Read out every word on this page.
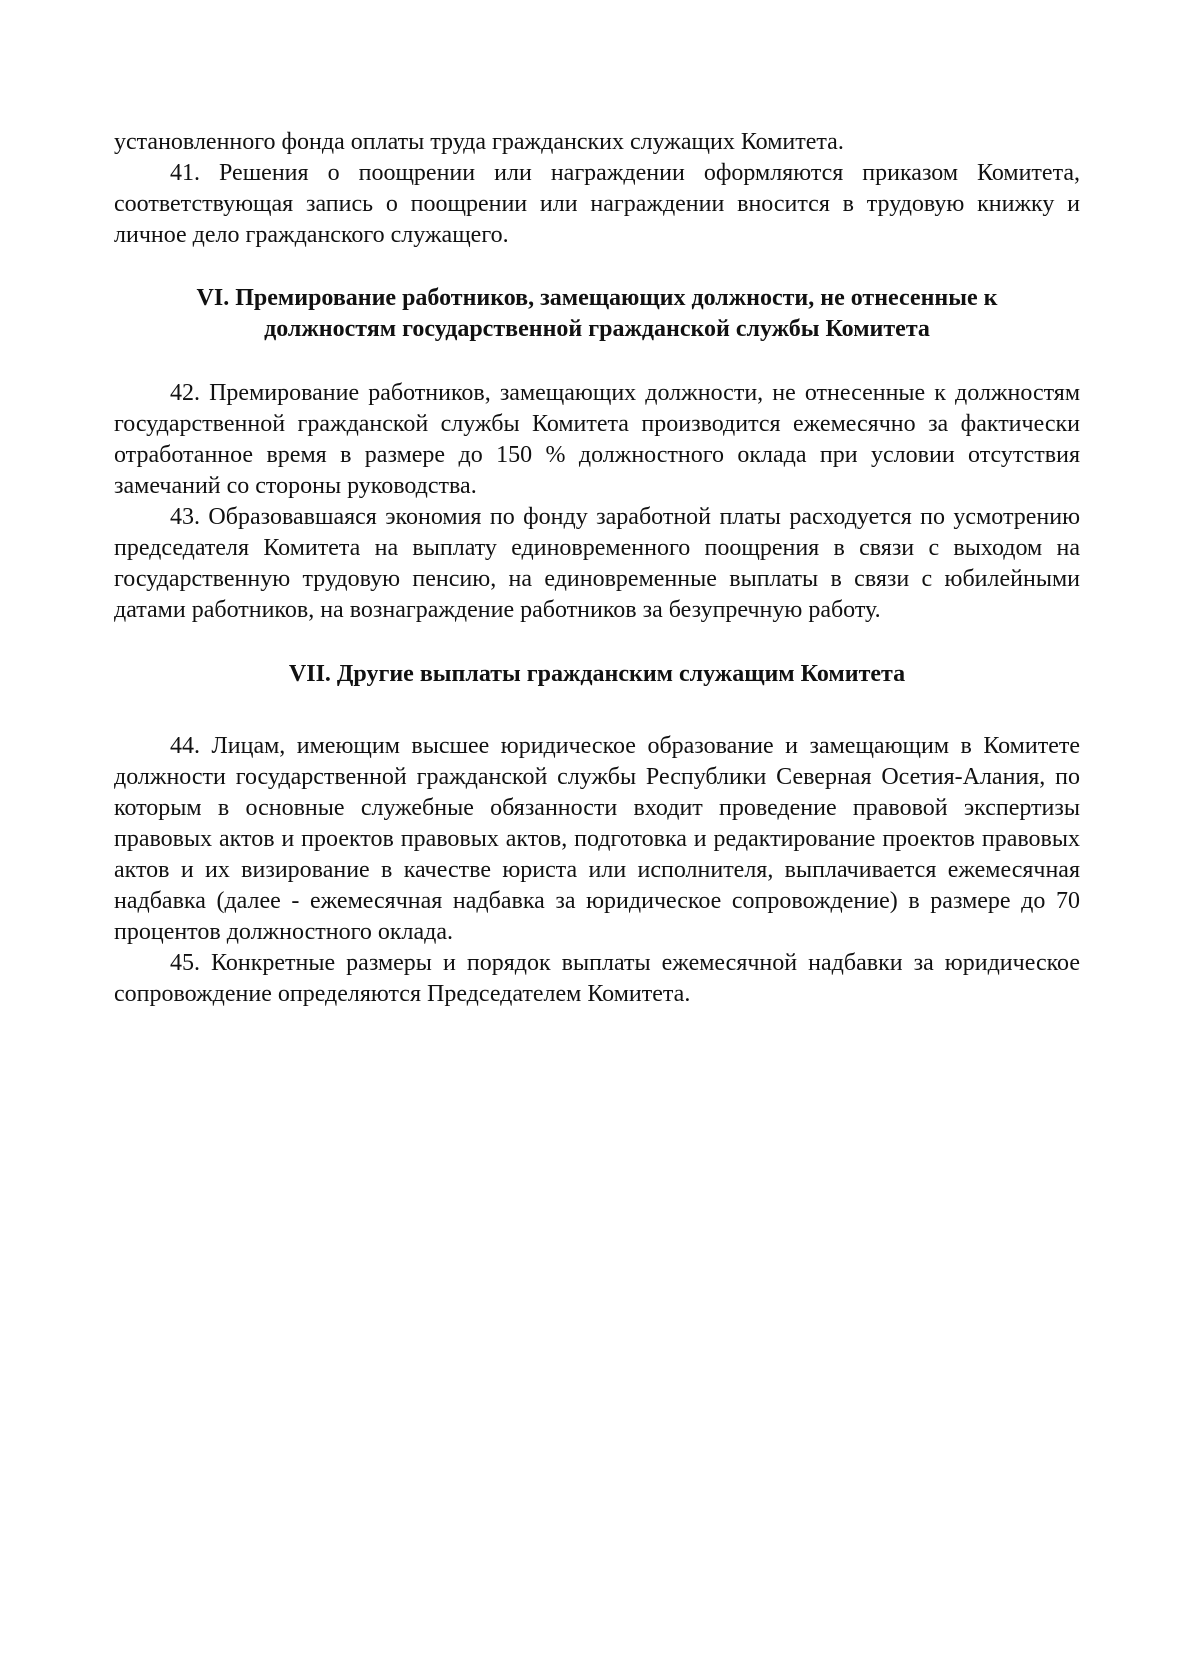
установленного фонда оплаты труда гражданских служащих Комитета.

41. Решения о поощрении или награждении оформляются приказом Комитета, соответствующая запись о поощрении или награждении вносится в трудовую книжку и личное дело гражданского служащего.

VI. Премирование работников, замещающих должности, не отнесенные к
должностям государственной гражданской службы Комитета

42. Премирование работников, замещающих должности, не отнесенные к должностям государственной гражданской службы Комитета производится ежемесячно за фактически отработанное время в размере до 150 % должностного оклада при условии отсутствия замечаний со стороны руководства.

43. Образовавшаяся экономия по фонду заработной платы расходуется по усмотрению председателя Комитета на выплату единовременного поощрения в связи с выходом на государственную трудовую пенсию, на единовременные выплаты в связи с юбилейными датами работников, на вознаграждение работников за безупречную работу.

VII. Другие выплаты гражданским служащим Комитета

44. Лицам, имеющим высшее юридическое образование и замещающим в Комитете должности государственной гражданской службы Республики Северная Осетия-Алания, по которым в основные служебные обязанности входит проведение правовой экспертизы правовых актов и проектов правовых актов, подготовка и редактирование проектов правовых актов и их визирование в качестве юриста или исполнителя, выплачивается ежемесячная надбавка (далее - ежемесячная надбавка за юридическое сопровождение) в размере до 70 процентов должностного оклада.

45. Конкретные размеры и порядок выплаты ежемесячной надбавки за юридическое сопровождение определяются Председателем Комитета.
